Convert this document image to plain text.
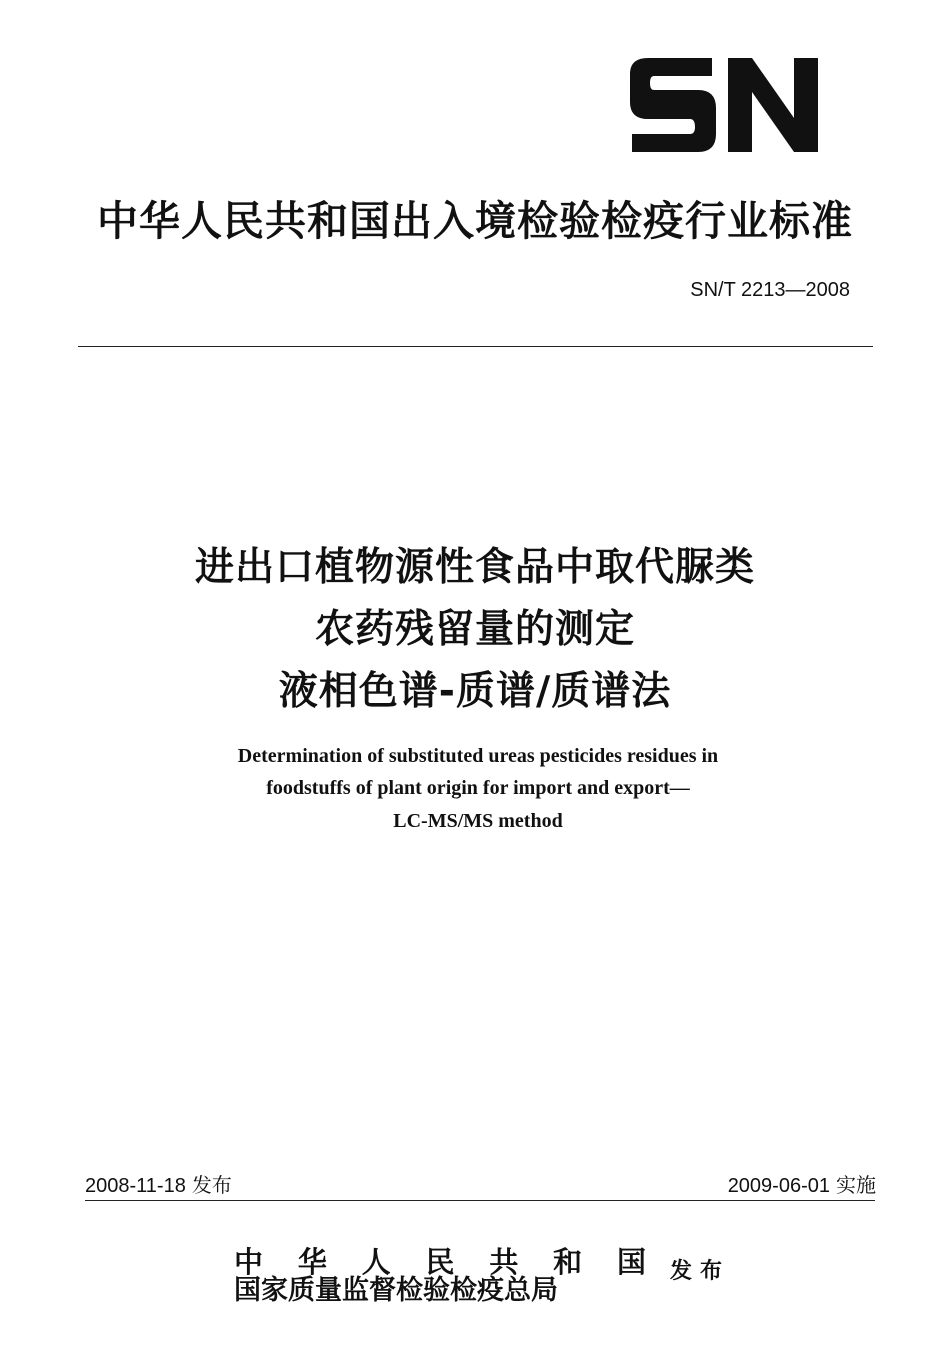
中华人民共和国出入境检验检疫行业标准
SN/T 2213—2008
进出口植物源性食品中取代脲类
农药残留量的测定
液相色谱-质谱/质谱法
Determination of substituted ureas pesticides residues in
foodstuffs of plant origin for import and export—
LC-MS/MS method
2008-11-18 发布	2009-06-01 实施
中 华 人 民 共 和 国
国家质量监督检验检疫总局
发布
